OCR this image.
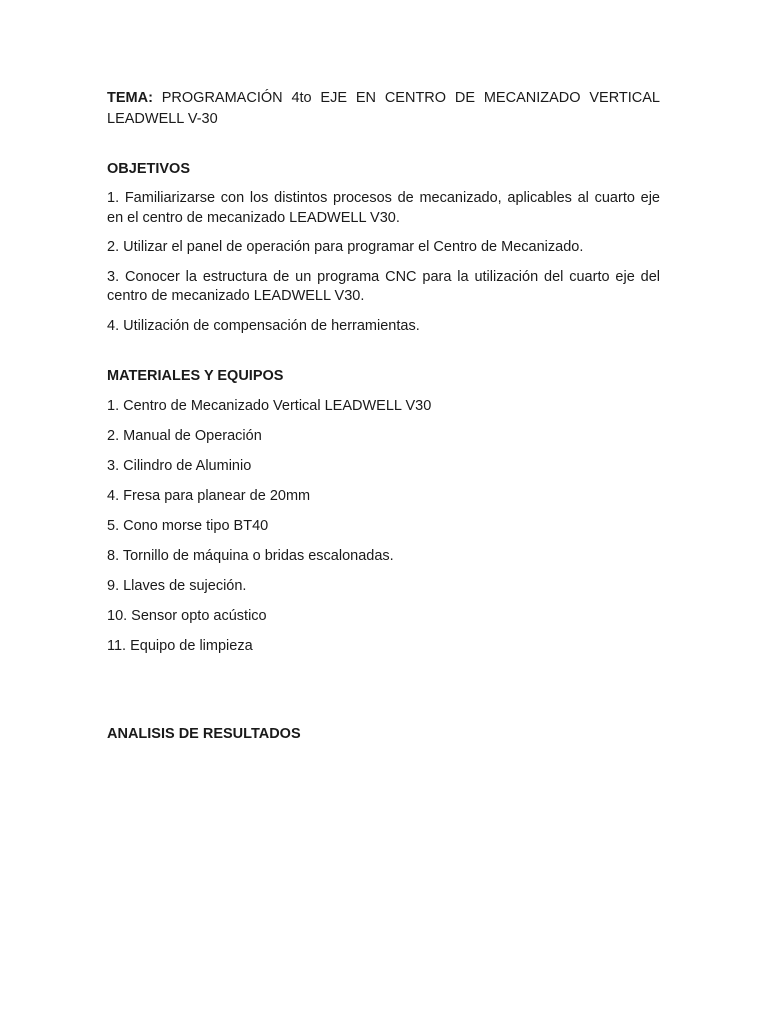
TEMA: PROGRAMACIÓN 4to EJE EN CENTRO DE MECANIZADO VERTICAL
LEADWELL V-30

OBJETIVOS

1. Familiarizarse con los distintos procesos de mecanizado, aplicables al cuarto eje en el centro de mecanizado LEADWELL V30.

2. Utilizar el panel de operación para programar el Centro de Mecanizado.

3. Conocer la estructura de un programa CNC para la utilización del cuarto eje del centro de mecanizado LEADWELL V30.

4. Utilización de compensación de herramientas.

MATERIALES Y EQUIPOS

1. Centro de Mecanizado Vertical LEADWELL V30

2. Manual de Operación

3. Cilindro de Aluminio

4. Fresa para planear de 20mm

5. Cono morse tipo BT40

8. Tornillo de máquina o bridas escalonadas.

9. Llaves de sujeción.

10. Sensor opto acústico

11. Equipo de limpieza

ANALISIS DE RESULTADOS
